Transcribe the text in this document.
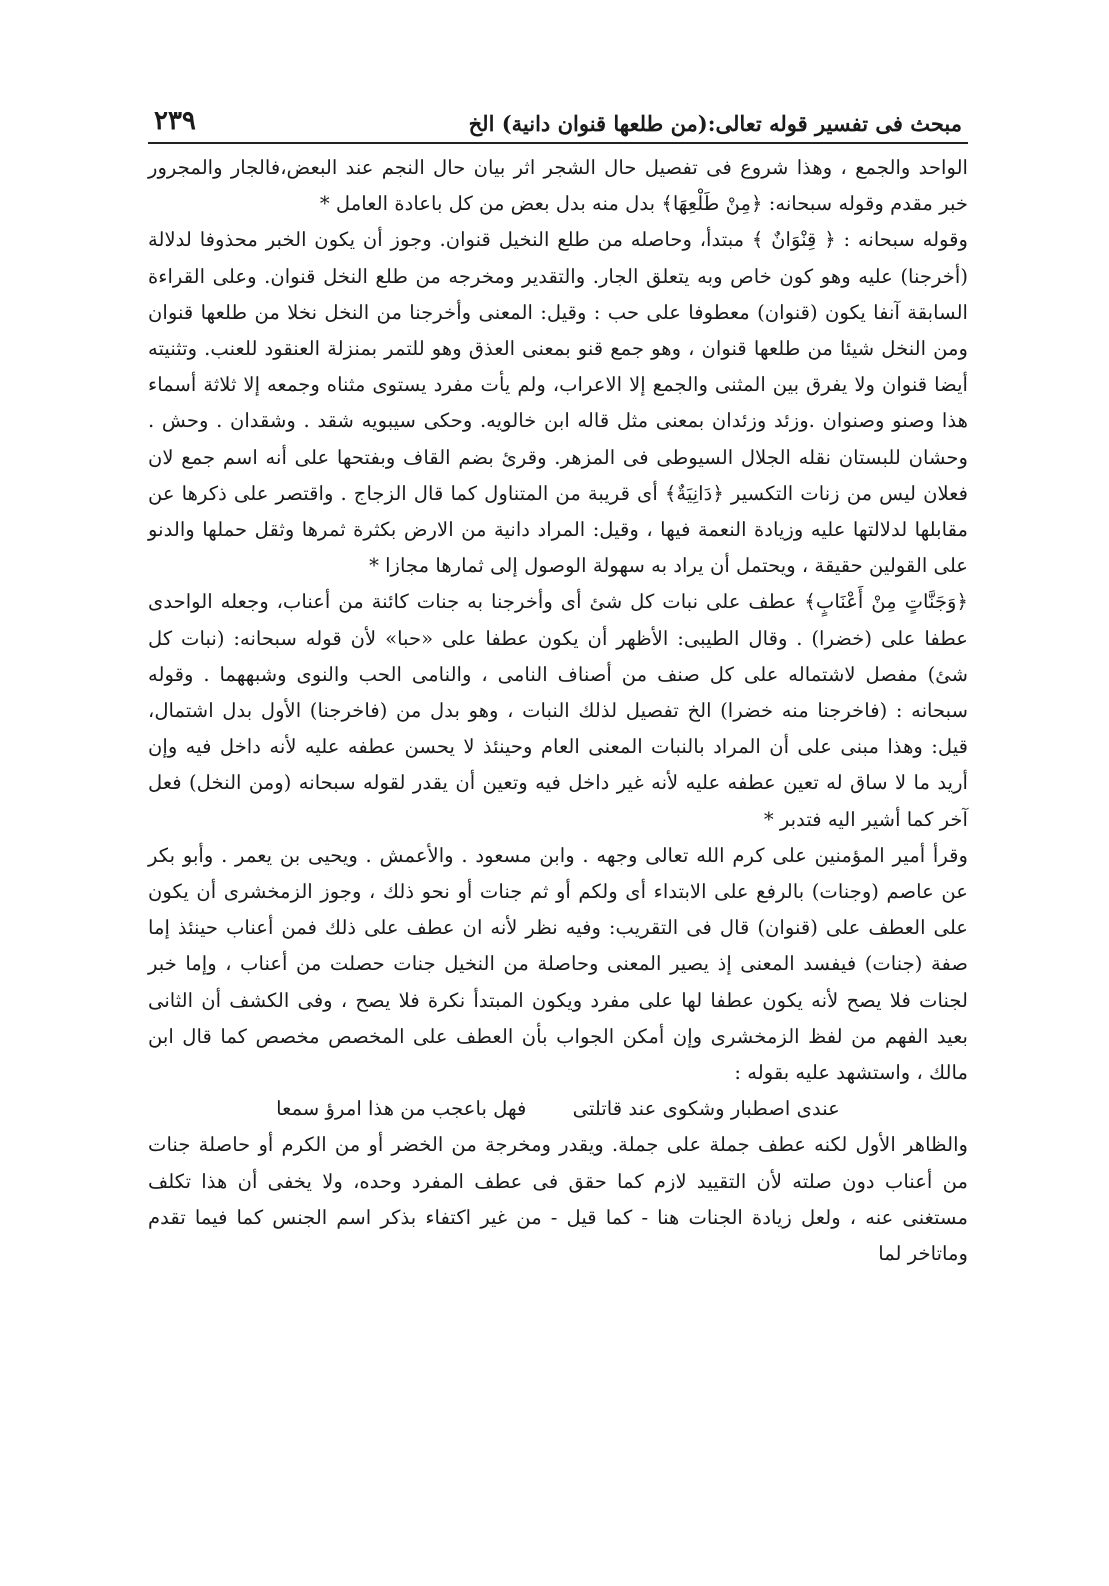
مبحث فى تفسير قوله تعالى:(من طلعها قنوان دانية) الخ
٢٣٩

الواحد والجمع ، وهذا شروع فى تفصيل حال الشجر اثر بيان حال النجم عند البعض،فالجار والمجرور خبر مقدم وقوله سبحانه: ﴿مِنْ طَلْعِهَا﴾ بدل منه بدل بعض من كل باعادة العامل *

وقوله سبحانه : ﴿ قِنْوَانٌ ﴾ مبتدأ، وحاصله من طلع النخيل قنوان. وجوز أن يكون الخبر محذوفا لدلالة (أخرجنا) عليه وهو كون خاص وبه يتعلق الجار. والتقدير ومخرجه من طلع النخل قنوان. وعلى القراءة السابقة آنفا يكون (قنوان) معطوفا على حب : وقيل: المعنى وأخرجنا من النخل نخلا من طلعها قنوان ومن النخل شيئا من طلعها قنوان ، وهو جمع قنو بمعنى العذق وهو للتمر بمنزلة العنقود للعنب. وتثنيته أيضا قنوان ولا يفرق بين المثنى والجمع إلا الاعراب، ولم يأت مفرد يستوى مثناه وجمعه إلا ثلاثة أسماء هذا وصنو وصنوان .وزئد وزئدان بمعنى مثل قاله ابن خالويه. وحكى سيبويه شقد . وشقدان . وحش . وحشان للبستان نقله الجلال السيوطى فى المزهر. وقرئ بضم القاف وبفتحها على أنه اسم جمع لان فعلان ليس من زنات التكسير ﴿دَانِيَةٌ﴾ أى قريبة من المتناول كما قال الزجاج . واقتصر على ذكرها عن مقابلها لدلالتها عليه وزيادة النعمة فيها ، وقيل: المراد دانية من الارض بكثرة ثمرها وثقل حملها والدنو على القولين حقيقة ، ويحتمل أن يراد به سهولة الوصول إلى ثمارها مجازا *

﴿وَجَنَّاتٍ مِنْ أَعْنَابٍ﴾ عطف على نبات كل شئ أى وأخرجنا به جنات كائنة من أعناب، وجعله الواحدى عطفا على (خضرا) . وقال الطيبى: الأظهر أن يكون عطفا على «حبا» لأن قوله سبحانه: (نبات كل شئ) مفصل لاشتماله على كل صنف من أصناف النامى ، والنامى الحب والنوى وشبههما . وقوله سبحانه : (فاخرجنا منه خضرا) الخ تفصيل لذلك النبات ، وهو بدل من (فاخرجنا) الأول بدل اشتمال، قيل: وهذا مبنى على أن المراد بالنبات المعنى العام وحينئذ لا يحسن عطفه عليه لأنه داخل فيه وإن أريد ما لا ساق له تعين عطفه عليه لأنه غير داخل فيه وتعين أن يقدر لقوله سبحانه (ومن النخل) فعل آخر كما أشير اليه فتدبر *

وقرأ أمير المؤمنين على كرم الله تعالى وجهه . وابن مسعود . والأعمش . ويحيى بن يعمر . وأبو بكر عن عاصم (وجنات) بالرفع على الابتداء أى ولكم أو ثم جنات أو نحو ذلك ، وجوز الزمخشرى أن يكون على العطف على (قنوان) قال فى التقريب: وفيه نظر لأنه ان عطف على ذلك فمن أعناب حينئذ إما صفة (جنات) فيفسد المعنى إذ يصير المعنى وحاصلة من النخيل جنات حصلت من أعناب ، وإما خبر لجنات فلا يصح لأنه يكون عطفا لها على مفرد ويكون المبتدأ نكرة فلا يصح ، وفى الكشف أن الثانى بعيد الفهم من لفظ الزمخشرى وإن أمكن الجواب بأن العطف على المخصص مخصص كما قال ابن مالك ، واستشهد عليه بقوله :

عندى اصطبار وشكوى عند قاتلتى فهل باعجب من هذا امرؤ سمعا

والظاهر الأول لكنه عطف جملة على جملة. ويقدر ومخرجة من الخضر أو من الكرم أو حاصلة جنات من أعناب دون صلته لأن التقييد لازم كما حقق فى عطف المفرد وحده، ولا يخفى أن هذا تكلف مستغنى عنه ، ولعل زيادة الجنات هنا - كما قيل - من غير اكتفاء بذكر اسم الجنس كما فيما تقدم وماتاخر لما
